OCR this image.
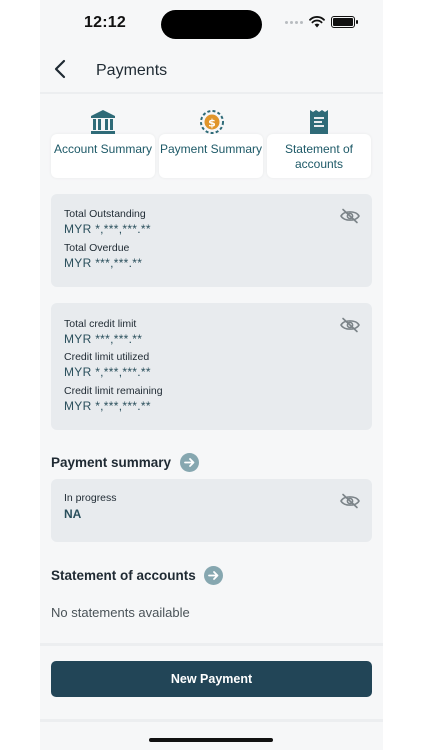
12:12
Payments
Account Summary
$
Payment Summary	Statement of accounts
Total Outstanding
MYR *,***,***.**
Total Overdue
MYR ***,***.**
Total credit limit
MYR ***,***.**
Credit limit utilized
MYR *,***,***.**
Credit limit remaining
MYR *,***,***.**
Payment summary
In progress
NA
Statement of accounts
No statements available
New Payment
